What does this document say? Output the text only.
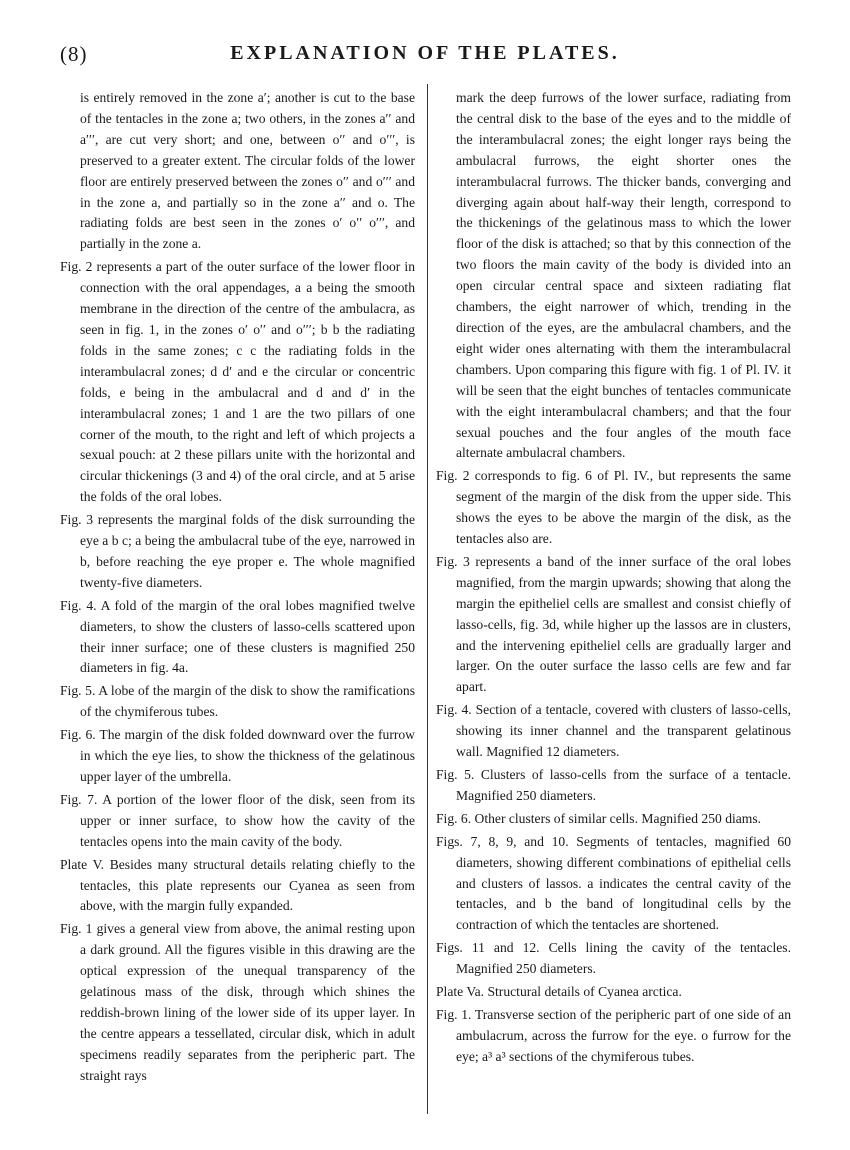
(8)	EXPLANATION OF THE PLATES.

is entirely removed in the zone a′; another is cut to the base of the tentacles in the zone a; two others, in the zones a′′ and a′′′, are cut very short; and one, between o′′ and o′′′, is preserved to a greater extent. The circular folds of the lower floor are entirely preserved between the zones o′′ and o′′′ and in the zone a, and partially so in the zone a′′ and o. The radiating folds are best seen in the zones o′ o′′ o′′′, and partially in the zone a.

Fig. 2 represents a part of the outer surface of the lower floor in connection with the oral appendages, a a being the smooth membrane in the direction of the centre of the ambulacra, as seen in fig. 1, in the zones o′ o′′ and o′′′; b b the radiating folds in the same zones; c c the radiating folds in the interambulacral zones; d d′ and e the circular or concentric folds, e being in the ambulacral and d and d′ in the interambulacral zones; 1 and 1 are the two pillars of one corner of the mouth, to the right and left of which projects a sexual pouch: at 2 these pillars unite with the horizontal and circular thickenings (3 and 4) of the oral circle, and at 5 arise the folds of the oral lobes.

Fig. 3 represents the marginal folds of the disk surrounding the eye a b c; a being the ambulacral tube of the eye, narrowed in b, before reaching the eye proper e. The whole magnified twenty-five diameters.

Fig. 4. A fold of the margin of the oral lobes magnified twelve diameters, to show the clusters of lasso-cells scattered upon their inner surface; one of these clusters is magnified 250 diameters in fig. 4a.

Fig. 5. A lobe of the margin of the disk to show the ramifications of the chymiferous tubes.

Fig. 6. The margin of the disk folded downward over the furrow in which the eye lies, to show the thickness of the gelatinous upper layer of the umbrella.

Fig. 7. A portion of the lower floor of the disk, seen from its upper or inner surface, to show how the cavity of the tentacles opens into the main cavity of the body.

Plate V. Besides many structural details relating chiefly to the tentacles, this plate represents our Cyanea as seen from above, with the margin fully expanded.

Fig. 1 gives a general view from above, the animal resting upon a dark ground. All the figures visible in this drawing are the optical expression of the unequal transparency of the gelatinous mass of the disk, through which shines the reddish-brown lining of the lower side of its upper layer. In the centre appears a tessellated, circular disk, which in adult specimens readily separates from the peripheric part. The straight rays

mark the deep furrows of the lower surface, radiating from the central disk to the base of the eyes and to the middle of the interambulacral zones; the eight longer rays being the ambulacral furrows, the eight shorter ones the interambulacral furrows. The thicker bands, converging and diverging again about half-way their length, correspond to the thickenings of the gelatinous mass to which the lower floor of the disk is attached; so that by this connection of the two floors the main cavity of the body is divided into an open circular central space and sixteen radiating flat chambers, the eight narrower of which, trending in the direction of the eyes, are the ambulacral chambers, and the eight wider ones alternating with them the interambulacral chambers. Upon comparing this figure with fig. 1 of Pl. IV. it will be seen that the eight bunches of tentacles communicate with the eight interambulacral chambers; and that the four sexual pouches and the four angles of the mouth face alternate ambulacral chambers.

Fig. 2 corresponds to fig. 6 of Pl. IV., but represents the same segment of the margin of the disk from the upper side. This shows the eyes to be above the margin of the disk, as the tentacles also are.

Fig. 3 represents a band of the inner surface of the oral lobes magnified, from the margin upwards; showing that along the margin the epitheliel cells are smallest and consist chiefly of lasso-cells, fig. 3d, while higher up the lassos are in clusters, and the intervening epitheliel cells are gradually larger and larger. On the outer surface the lasso cells are few and far apart.

Fig. 4. Section of a tentacle, covered with clusters of lasso-cells, showing its inner channel and the transparent gelatinous wall. Magnified 12 diameters.

Fig. 5. Clusters of lasso-cells from the surface of a tentacle. Magnified 250 diameters.

Fig. 6. Other clusters of similar cells. Magnified 250 diams.

Figs. 7, 8, 9, and 10. Segments of tentacles, magnified 60 diameters, showing different combinations of epithelial cells and clusters of lassos. a indicates the central cavity of the tentacles, and b the band of longitudinal cells by the contraction of which the tentacles are shortened.

Figs. 11 and 12. Cells lining the cavity of the tentacles. Magnified 250 diameters.

Plate Va. Structural details of Cyanea arctica.

Fig. 1. Transverse section of the peripheric part of one side of an ambulacrum, across the furrow for the eye. o furrow for the eye; a³ a³ sections of the chymiferous tubes.
